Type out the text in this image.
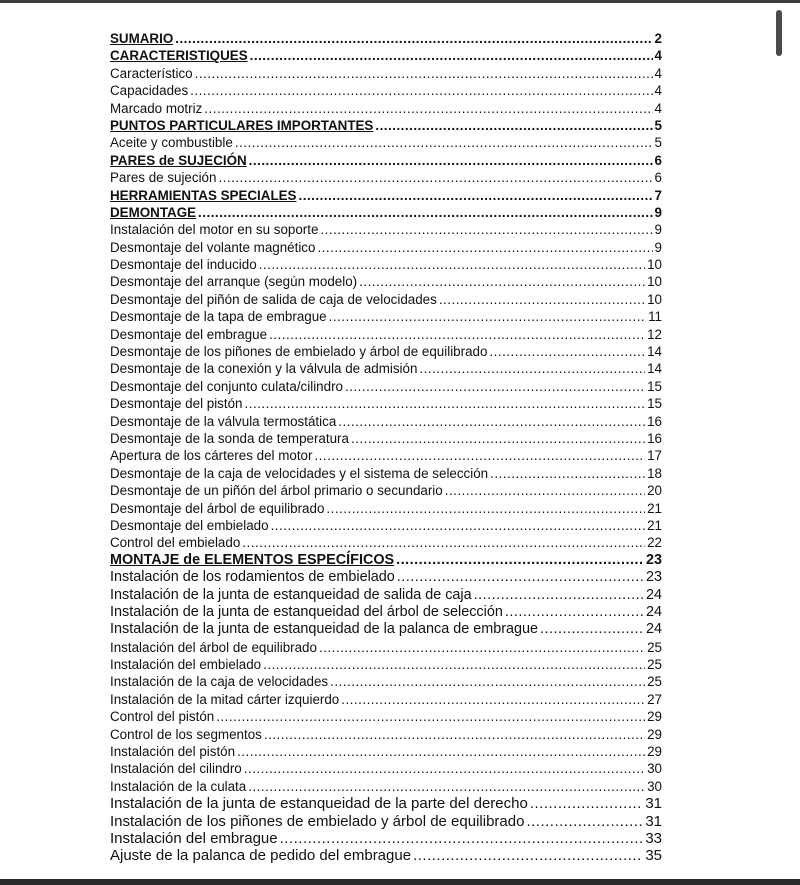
SUMARIO .....	2
CARACTERISTIQUES .....	4
Característico .....	4
Capacidades .....	4
Marcado motriz .....	4
PUNTOS PARTICULARES IMPORTANTES .....	5
Aceite y combustible .....	5
PARES de SUJECIÓN .....	6
Pares de sujeción .....	6
HERRAMIENTAS SPECIALES .....	7
DEMONTAGE .....	9
Instalación del motor en su soporte .....	9
Desmontaje del volante magnético .....	9
Desmontaje del inducido .....	10
Desmontaje del arranque (según modelo) .....	10
Desmontaje del piñón de salida de caja de velocidades .....	10
Desmontaje de la tapa de embrague .....	11
Desmontaje del embrague .....	12
Desmontaje de los piñones de embielado y árbol de equilibrado .....	14
Desmontaje de la conexión y la válvula de admisión .....	14
Desmontaje del conjunto culata/cilindro .....	15
Desmontaje del pistón .....	15
Desmontaje de la válvula termostática .....	16
Desmontaje de la sonda de temperatura .....	16
Apertura de los cárteres del motor .....	17
Desmontaje de la caja de velocidades y el sistema de selección .....	18
Desmontaje de un piñón del árbol primario o secundario .....	20
Desmontaje del árbol de equilibrado .....	21
Desmontaje del embielado .....	21
Control del embielado .....	22
MONTAJE de ELEMENTOS ESPECÍFICOS .....	23
Instalación de los rodamientos de embielado .....	23
Instalación de la junta de estanqueidad de salida de caja .....	24
Instalación de la junta de estanqueidad del árbol de selección .....	24
Instalación de la junta de estanqueidad de la palanca de embrague .....	24
Instalación del árbol de equilibrado .....	25
Instalación del embielado .....	25
Instalación de la caja de velocidades .....	25
Instalación de la mitad cárter izquierdo .....	27
Control del pistón .....	29
Control de los segmentos .....	29
Instalación del pistón .....	29
Instalación del cilindro .....	30
Instalación de la culata .....	30
Instalación de la junta de estanqueidad de la parte del derecho .....	31
Instalación de los piñones de embielado y árbol de equilibrado .....	31
Instalación del embrague .....	33
Ajuste de la palanca de pedido del embrague .....	35
